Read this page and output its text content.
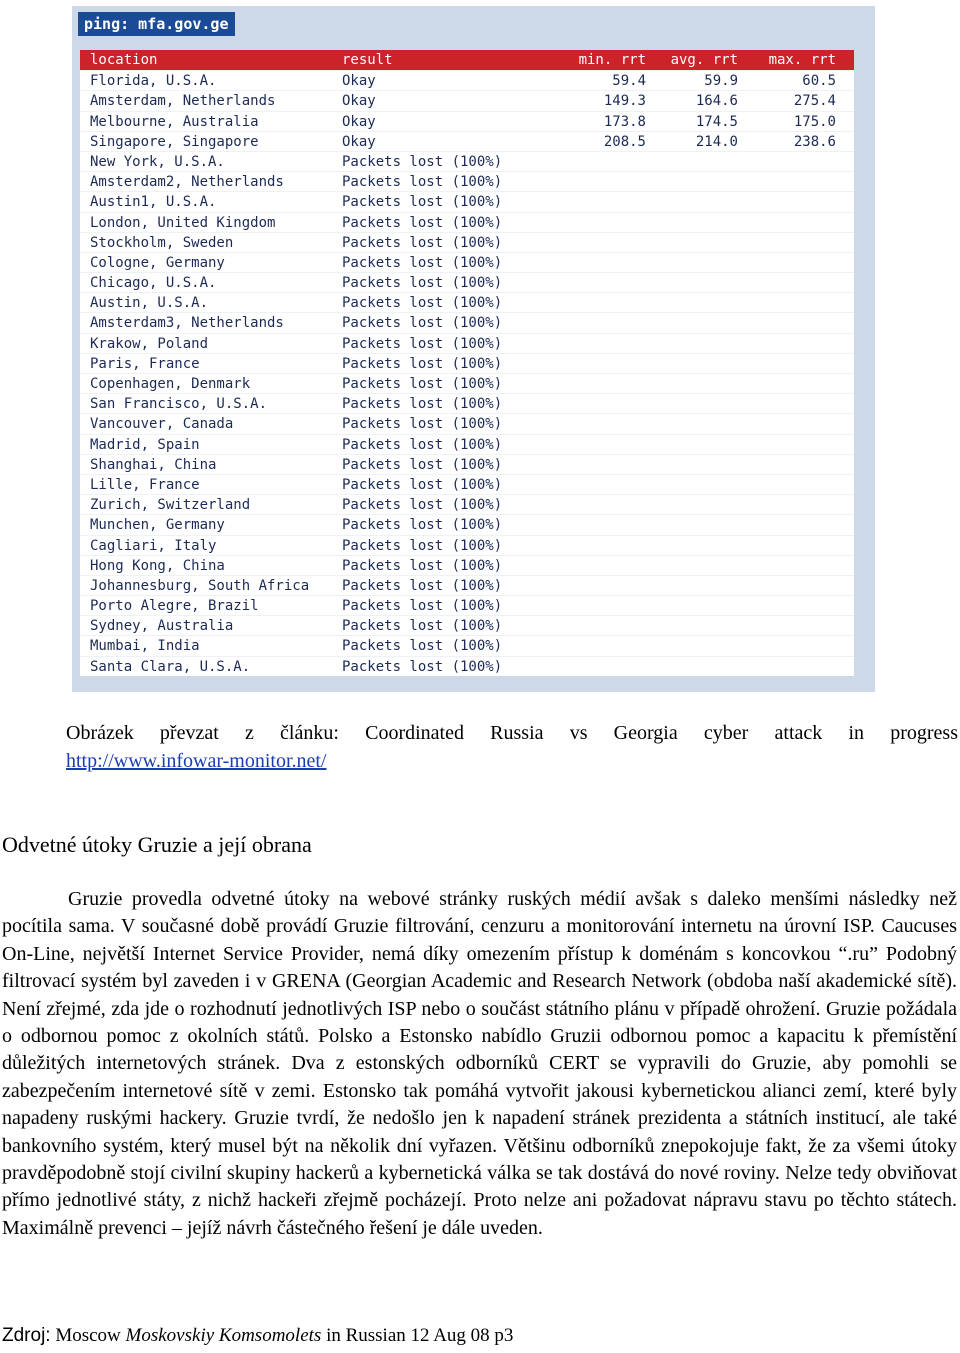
ping: mfa.gov.ge
location	result	min. rrt	avg. rrt	max. rrt
Florida, U.S.A.	Okay	59.4	59.9	60.5
Amsterdam, Netherlands	Okay	149.3	164.6	275.4
Melbourne, Australia	Okay	173.8	174.5	175.0
Singapore, Singapore	Okay	208.5	214.0	238.6
New York, U.S.A.	Packets lost (100%)
Amsterdam2, Netherlands	Packets lost (100%)
Austin1, U.S.A.	Packets lost (100%)
London, United Kingdom	Packets lost (100%)
Stockholm, Sweden	Packets lost (100%)
Cologne, Germany	Packets lost (100%)
Chicago, U.S.A.	Packets lost (100%)
Austin, U.S.A.	Packets lost (100%)
Amsterdam3, Netherlands	Packets lost (100%)
Krakow, Poland	Packets lost (100%)
Paris, France	Packets lost (100%)
Copenhagen, Denmark	Packets lost (100%)
San Francisco, U.S.A.	Packets lost (100%)
Vancouver, Canada	Packets lost (100%)
Madrid, Spain	Packets lost (100%)
Shanghai, China	Packets lost (100%)
Lille, France	Packets lost (100%)
Zurich, Switzerland	Packets lost (100%)
Munchen, Germany	Packets lost (100%)
Cagliari, Italy	Packets lost (100%)
Hong Kong, China	Packets lost (100%)
Johannesburg, South Africa	Packets lost (100%)
Porto Alegre, Brazil	Packets lost (100%)
Sydney, Australia	Packets lost (100%)
Mumbai, India	Packets lost (100%)
Santa Clara, U.S.A.	Packets lost (100%)
Obrázek převzat z článku: Coordinated Russia vs Georgia cyber attack in progress
http://www.infowar-monitor.net/
Odvetné útoky Gruzie a její obrana

Gruzie provedla odvetné útoky na webové stránky ruských médií avšak s daleko menšími následky než pocítila sama. V současné době provádí Gruzie filtrování, cenzuru a monitorování internetu na úrovní ISP. Caucuses On-Line, největší Internet Service Provider, nemá díky omezením přístup k doménám s koncovkou “.ru” Podobný filtrovací systém byl zaveden i v GRENA (Georgian Academic and Research Network (obdoba naší akademické sítě). Není zřejmé, zda jde o rozhodnutí jednotlivých ISP nebo o součást státního plánu v případě ohrožení. Gruzie požádala o odbornou pomoc z okolních států. Polsko a Estonsko nabídlo Gruzii odbornou pomoc a kapacitu k přemístění důležitých internetových stránek. Dva z estonských odborníků CERT se vypravili do Gruzie, aby pomohli se zabezpečením internetové sítě v zemi. Estonsko tak pomáhá vytvořit jakousi kybernetickou alianci zemí, které byly napadeny ruskými hackery. Gruzie tvrdí, že nedošlo jen k napadení stránek prezidenta a státních institucí, ale také bankovního systém, který musel být na několik dní vyřazen. Většinu odborníků znepokojuje fakt, že za všemi útoky pravděpodobně stojí civilní skupiny hackerů a kybernetická válka se tak dostává do nové roviny. Nelze tedy obviňovat přímo jednotlivé státy, z nichž hackeři zřejmě pocházejí. Proto nelze ani požadovat nápravu stavu po těchto státech. Maximálně prevenci – jejíž návrh částečného řešení je dále uveden.

Zdroj: Moscow Moskovskiy Komsomolets in Russian 12 Aug 08 p3
